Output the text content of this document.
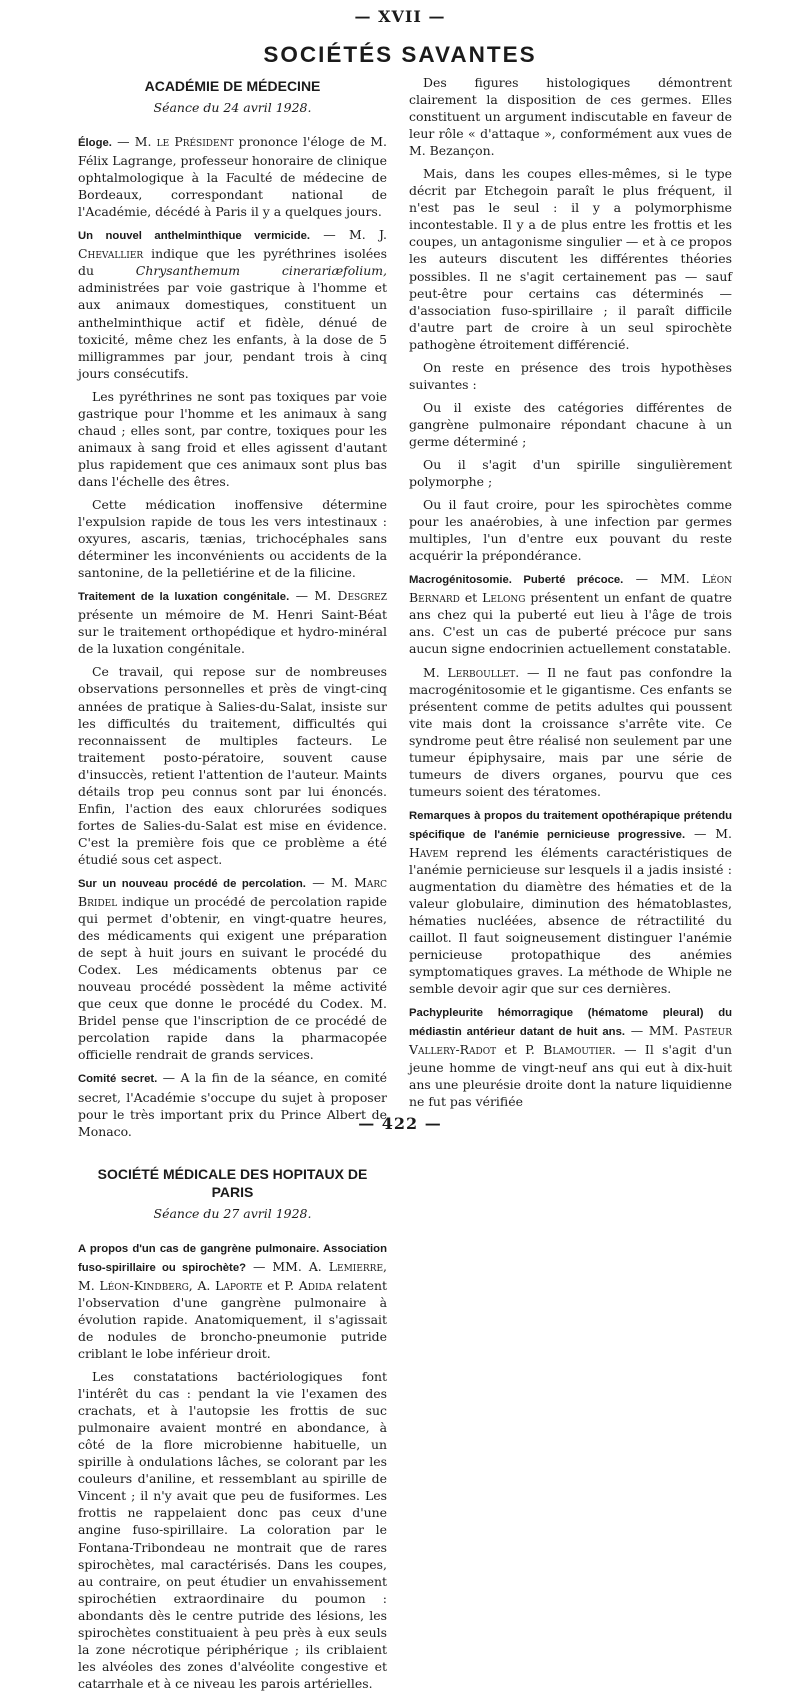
— XVII —
SOCIÉTÉS SAVANTES
ACADÉMIE DE MÉDECINE
Séance du 24 avril 1928.

Éloge. — M. le Président prononce l'éloge de M. Félix Lagrange, professeur honoraire de clinique ophtalmologique à la Faculté de médecine de Bordeaux, correspondant national de l'Académie, décédé à Paris il y a quelques jours.

Un nouvel anthelminthique vermicide. — M. J. Chevallier indique que les pyréthrines isolées du Chrysanthemum cinerariæfolium, administrées par voie gastrique à l'homme et aux animaux domestiques, constituent un anthelminthique actif et fidèle, dénué de toxicité, même chez les enfants, à la dose de 5 milligrammes par jour, pendant trois à cinq jours consécutifs.

Les pyréthrines ne sont pas toxiques par voie gastrique pour l'homme et les animaux à sang chaud ; elles sont, par contre, toxiques pour les animaux à sang froid et elles agissent d'autant plus rapidement que ces animaux sont plus bas dans l'échelle des êtres.

Cette médication inoffensive détermine l'expulsion rapide de tous les vers intestinaux : oxyures, ascaris, tænias, trichocéphales sans déterminer les inconvénients ou accidents de la santonine, de la pelletiérine et de la filicine.

Traitement de la luxation congénitale. — M. Desgrez présente un mémoire de M. Henri Saint-Béat sur le traitement orthopédique et hydro-minéral de la luxation congénitale.

Ce travail, qui repose sur de nombreuses observations personnelles et près de vingt-cinq années de pratique à Salies-du-Salat, insiste sur les difficultés du traitement, difficultés qui reconnaissent de multiples facteurs. Le traitement posto-pératoire, souvent cause d'insuccès, retient l'attention de l'auteur. Maints détails trop peu connus sont par lui énoncés. Enfin, l'action des eaux chlorurées sodiques fortes de Salies-du-Salat est mise en évidence. C'est la première fois que ce problème a été étudié sous cet aspect.

Sur un nouveau procédé de percolation. — M. Marc Bridel indique un procédé de percolation rapide qui permet d'obtenir, en vingt-quatre heures, des médicaments qui exigent une préparation de sept à huit jours en suivant le procédé du Codex. Les médicaments obtenus par ce nouveau procédé possèdent la même activité que ceux que donne le procédé du Codex. M. Bridel pense que l'inscription de ce procédé de percolation rapide dans la pharmacopée officielle rendrait de grands services.

Comité secret. — A la fin de la séance, en comité secret, l'Académie s'occupe du sujet à proposer pour le très important prix du Prince Albert de Monaco.

SOCIÉTÉ MÉDICALE DES HOPITAUX DE PARIS
Séance du 27 avril 1928.

A propos d'un cas de gangrène pulmonaire. Association fuso-spirillaire ou spirochète? — MM. A. Lemierre, M. Léon-Kindberg, A. Laporte et P. Adida relatent l'observation d'une gangrène pulmonaire à évolution rapide. Anatomiquement, il s'agissait de nodules de broncho-pneumonie putride criblant le lobe inférieur droit.

Les constatations bactériologiques font l'intérêt du cas : pendant la vie l'examen des crachats, et à l'autopsie les frottis de suc pulmonaire avaient montré en abondance, à côté de la flore microbienne habituelle, un spirille à ondulations lâches, se colorant par les couleurs d'aniline, et ressemblant au spirille de Vincent ; il n'y avait que peu de fusiformes. Les frottis ne rappelaient donc pas ceux d'une angine fuso-spirillaire. La coloration par le Fontana-Tribondeau ne montrait que de rares spirochètes, mal caractérisés. Dans les coupes, au contraire, on peut étudier un envahissement spirochétien extraordinaire du poumon : abondants dès le centre putride des lésions, les spirochètes constituaient à peu près à eux seuls la zone nécrotique périphérique ; ils criblaient les alvéoles des zones d'alvéolite congestive et catarrhale et à ce niveau les parois artérielles.

Des figures histologiques démontrent clairement la disposition de ces germes. Elles constituent un argument indiscutable en faveur de leur rôle « d'attaque », conformément aux vues de M. Bezançon.

Mais, dans les coupes elles-mêmes, si le type décrit par Etchegoin paraît le plus fréquent, il n'est pas le seul : il y a polymorphisme incontestable. Il y a de plus entre les frottis et les coupes, un antagonisme singulier — et à ce propos les auteurs discutent les différentes théories possibles. Il ne s'agit certainement pas — sauf peut-être pour certains cas déterminés — d'association fuso-spirillaire ; il paraît difficile d'autre part de croire à un seul spirochète pathogène étroitement différencié.

On reste en présence des trois hypothèses suivantes :

Ou il existe des catégories différentes de gangrène pulmonaire répondant chacune à un germe déterminé ;

Ou il s'agit d'un spirille singulièrement polymorphe ;

Ou il faut croire, pour les spirochètes comme pour les anaérobies, à une infection par germes multiples, l'un d'entre eux pouvant du reste acquérir la prépondérance.

Macrogénitosomie. Puberté précoce. — MM. Léon Bernard et Lelong présentent un enfant de quatre ans chez qui la puberté eut lieu à l'âge de trois ans. C'est un cas de puberté précoce pur sans aucun signe endocrinien actuellement constatable.

M. Lerboullet. — Il ne faut pas confondre la macrogénitosomie et le gigantisme. Ces enfants se présentent comme de petits adultes qui poussent vite mais dont la croissance s'arrête vite. Ce syndrome peut être réalisé non seulement par une tumeur épiphysaire, mais par une série de tumeurs de divers organes, pourvu que ces tumeurs soient des tératomes.

Remarques à propos du traitement opothérapique prétendu spécifique de l'anémie pernicieuse progressive. — M. Havem reprend les éléments caractéristiques de l'anémie pernicieuse sur lesquels il a jadis insisté : augmentation du diamètre des hématies et de la valeur globulaire, diminution des hématoblastes, hématies nucléées, absence de rétractilité du caillot. Il faut soigneusement distinguer l'anémie pernicieuse protopathique des anémies symptomatiques graves. La méthode de Whiple ne semble devoir agir que sur ces dernières.

Pachypleurite hémorragique (hématome pleural) du médiastin antérieur datant de huit ans. — MM. Pasteur Vallery-Radot et P. Blamoutier. — Il s'agit d'un jeune homme de vingt-neuf ans qui eut à dix-huit ans une pleurésie droite dont la nature liquidienne ne fut pas vérifiée

— 422 —
